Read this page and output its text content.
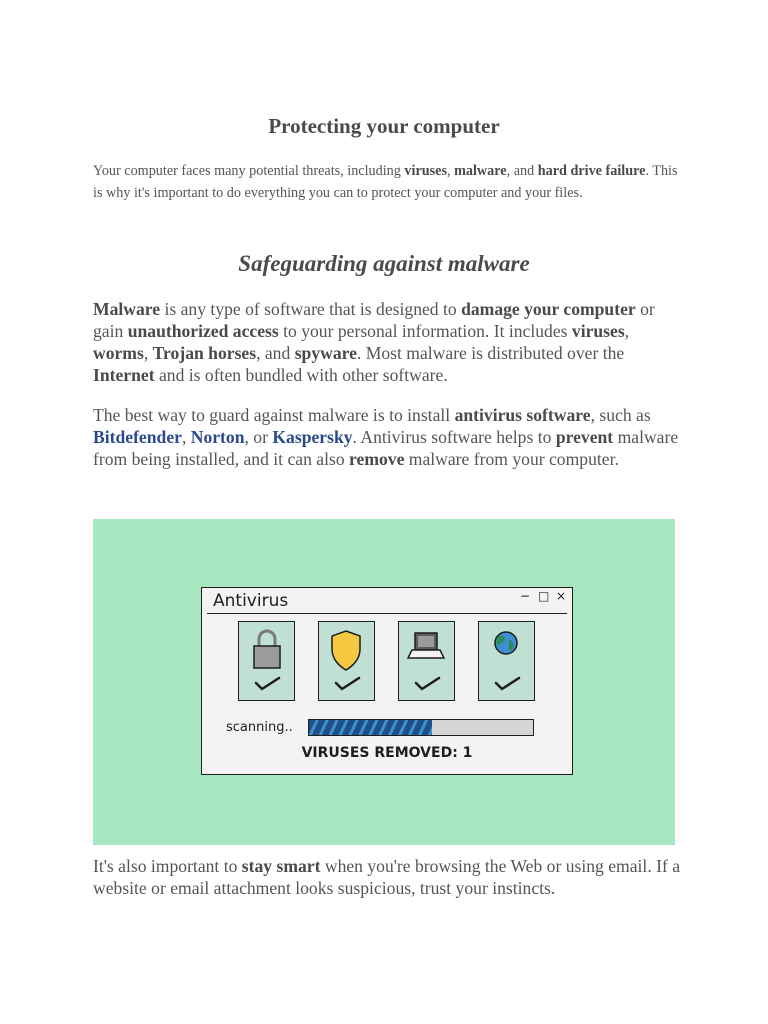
Protecting your computer

Your computer faces many potential threats, including viruses, malware, and hard drive failure. This is why it's important to do everything you can to protect your computer and your files.

Safeguarding against malware

Malware is any type of software that is designed to damage your computer or gain unauthorized access to your personal information. It includes viruses, worms, Trojan horses, and spyware. Most malware is distributed over the Internet and is often bundled with other software.

The best way to guard against malware is to install antivirus software, such as Bitdefender, Norton, or Kaspersky. Antivirus software helps to prevent malware from being installed, and it can also remove malware from your computer.

Antivirus	− □ ×
scanning..
VIRUSES REMOVED: 1

It's also important to stay smart when you're browsing the Web or using email. If a website or email attachment looks suspicious, trust your instincts.
